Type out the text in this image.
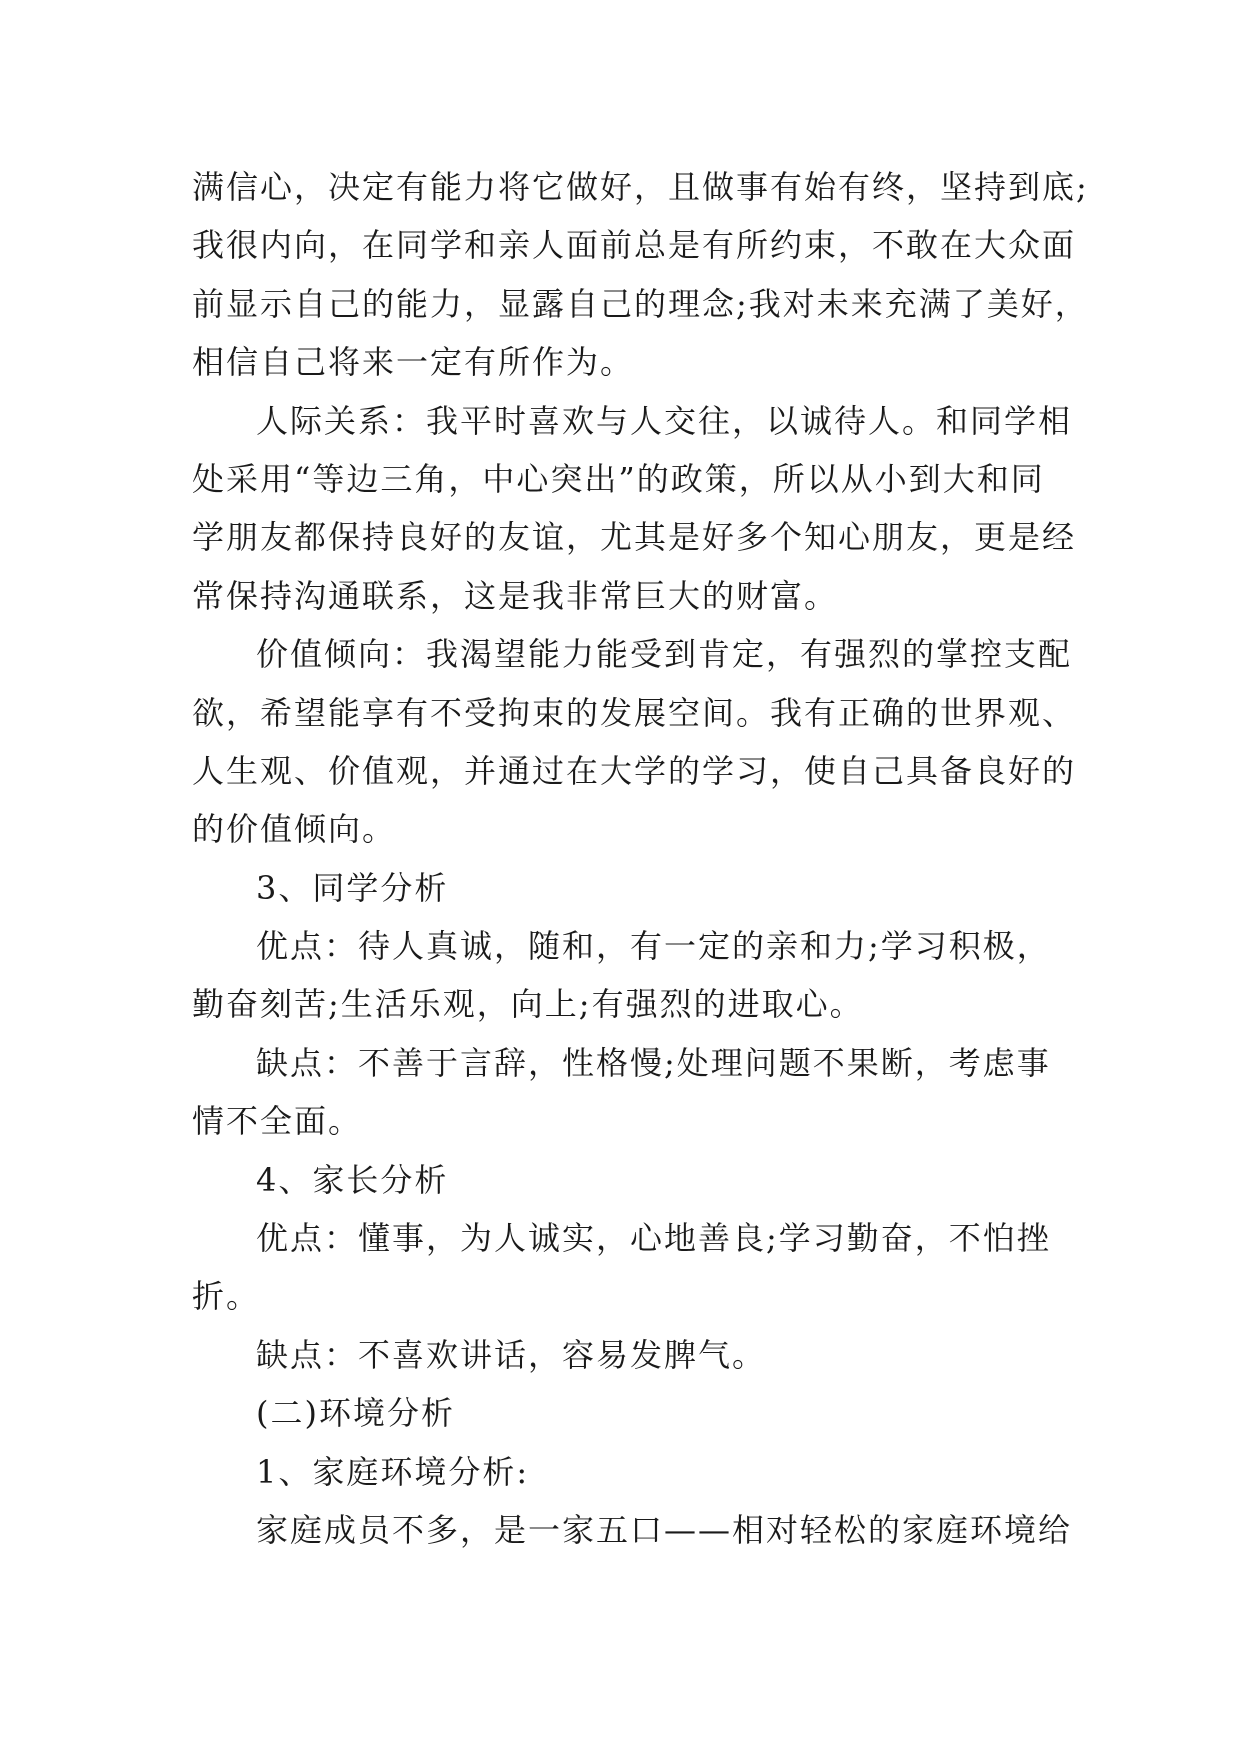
满信心，决定有能力将它做好，且做事有始有终，坚持到底;
我很内向，在同学和亲人面前总是有所约束，不敢在大众面
前显示自己的能力，显露自己的理念;我对未来充满了美好，
相信自己将来一定有所作为。
人际关系：我平时喜欢与人交往，以诚待人。和同学相
处采用“等边三角，中心突出”的政策，所以从小到大和同
学朋友都保持良好的友谊，尤其是好多个知心朋友，更是经
常保持沟通联系，这是我非常巨大的财富。
价值倾向：我渴望能力能受到肯定，有强烈的掌控支配
欲，希望能享有不受拘束的发展空间。我有正确的世界观、
人生观、价值观，并通过在大学的学习，使自己具备良好的
的价值倾向。
3、同学分析
优点：待人真诚，随和，有一定的亲和力;学习积极，
勤奋刻苦;生活乐观，向上;有强烈的进取心。
缺点：不善于言辞，性格慢;处理问题不果断，考虑事
情不全面。
4、家长分析
优点：懂事，为人诚实，心地善良;学习勤奋，不怕挫
折。
缺点：不喜欢讲话，容易发脾气。
(二)环境分析
1、家庭环境分析:
家庭成员不多，是一家五口——相对轻松的家庭环境给
